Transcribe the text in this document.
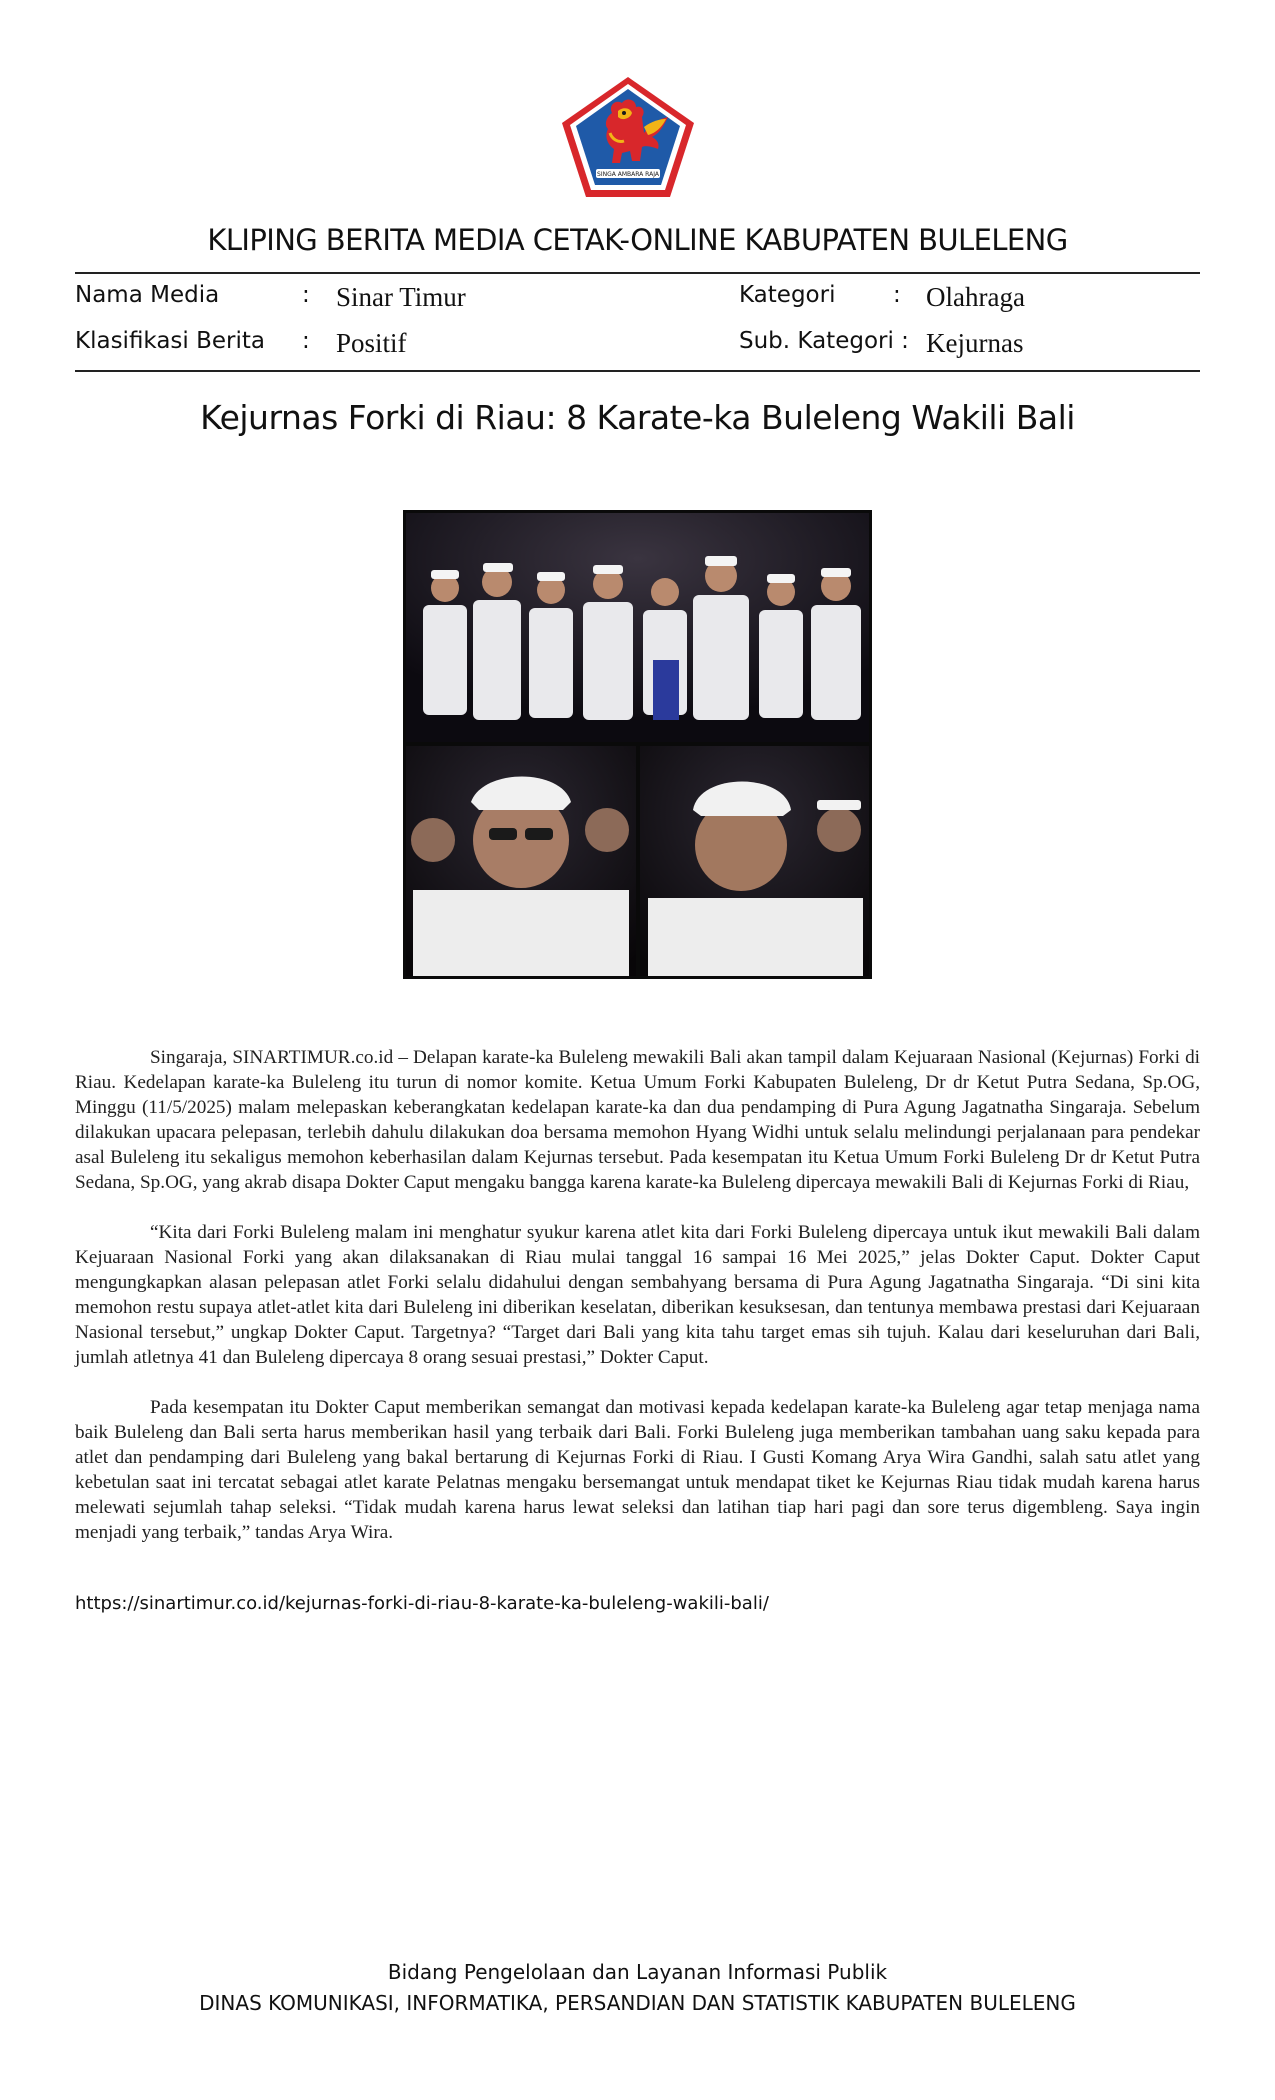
SINGA AMBARA RAJA
KLIPING BERITA MEDIA CETAK-ONLINE KABUPATEN BULELENG
Nama Media	: Sinar Timur	Kategori	: Olahraga
Klasifikasi Berita : Positif	Sub. Kategori : Kejurnas
Kejurnas Forki di Riau: 8 Karate-ka Buleleng Wakili Bali

Singaraja, SINARTIMUR.co.id – Delapan karate-ka Buleleng mewakili Bali akan tampil dalam Kejuaraan Nasional (Kejurnas) Forki di Riau. Kedelapan karate-ka Buleleng itu turun di nomor komite. Ketua Umum Forki Kabupaten Buleleng, Dr dr Ketut Putra Sedana, Sp.OG, Minggu (11/5/2025) malam melepaskan keberangkatan kedelapan karate-ka dan dua pendamping di Pura Agung Jagatnatha Singaraja. Sebelum dilakukan upacara pelepasan, terlebih dahulu dilakukan doa bersama memohon Hyang Widhi untuk selalu melindungi perjalanaan para pendekar asal Buleleng itu sekaligus memohon keberhasilan dalam Kejurnas tersebut. Pada kesempatan itu Ketua Umum Forki Buleleng Dr dr Ketut Putra Sedana, Sp.OG, yang akrab disapa Dokter Caput mengaku bangga karena karate-ka Buleleng dipercaya mewakili Bali di Kejurnas Forki di Riau,

“Kita dari Forki Buleleng malam ini menghatur syukur karena atlet kita dari Forki Buleleng dipercaya untuk ikut mewakili Bali dalam Kejuaraan Nasional Forki yang akan dilaksanakan di Riau mulai tanggal 16 sampai 16 Mei 2025,” jelas Dokter Caput. Dokter Caput mengungkapkan alasan pelepasan atlet Forki selalu didahului dengan sembahyang bersama di Pura Agung Jagatnatha Singaraja. “Di sini kita memohon restu supaya atlet-atlet kita dari Buleleng ini diberikan keselatan, diberikan kesuksesan, dan tentunya membawa prestasi dari Kejuaraan Nasional tersebut,” ungkap Dokter Caput. Targetnya? “Target dari Bali yang kita tahu target emas sih tujuh. Kalau dari keseluruhan dari Bali, jumlah atletnya 41 dan Buleleng dipercaya 8 orang sesuai prestasi,” Dokter Caput.

Pada kesempatan itu Dokter Caput memberikan semangat dan motivasi kepada kedelapan karate-ka Buleleng agar tetap menjaga nama baik Buleleng dan Bali serta harus memberikan hasil yang terbaik dari Bali. Forki Buleleng juga memberikan tambahan uang saku kepada para atlet dan pendamping dari Buleleng yang bakal bertarung di Kejurnas Forki di Riau. I Gusti Komang Arya Wira Gandhi, salah satu atlet yang kebetulan saat ini tercatat sebagai atlet karate Pelatnas mengaku bersemangat untuk mendapat tiket ke Kejurnas Riau tidak mudah karena harus melewati sejumlah tahap seleksi. “Tidak mudah karena harus lewat seleksi dan latihan tiap hari pagi dan sore terus digembleng. Saya ingin menjadi yang terbaik,” tandas Arya Wira.

https://sinartimur.co.id/kejurnas-forki-di-riau-8-karate-ka-buleleng-wakili-bali/
Bidang Pengelolaan dan Layanan Informasi Publik
DINAS KOMUNIKASI, INFORMATIKA, PERSANDIAN DAN STATISTIK KABUPATEN BULELENG
